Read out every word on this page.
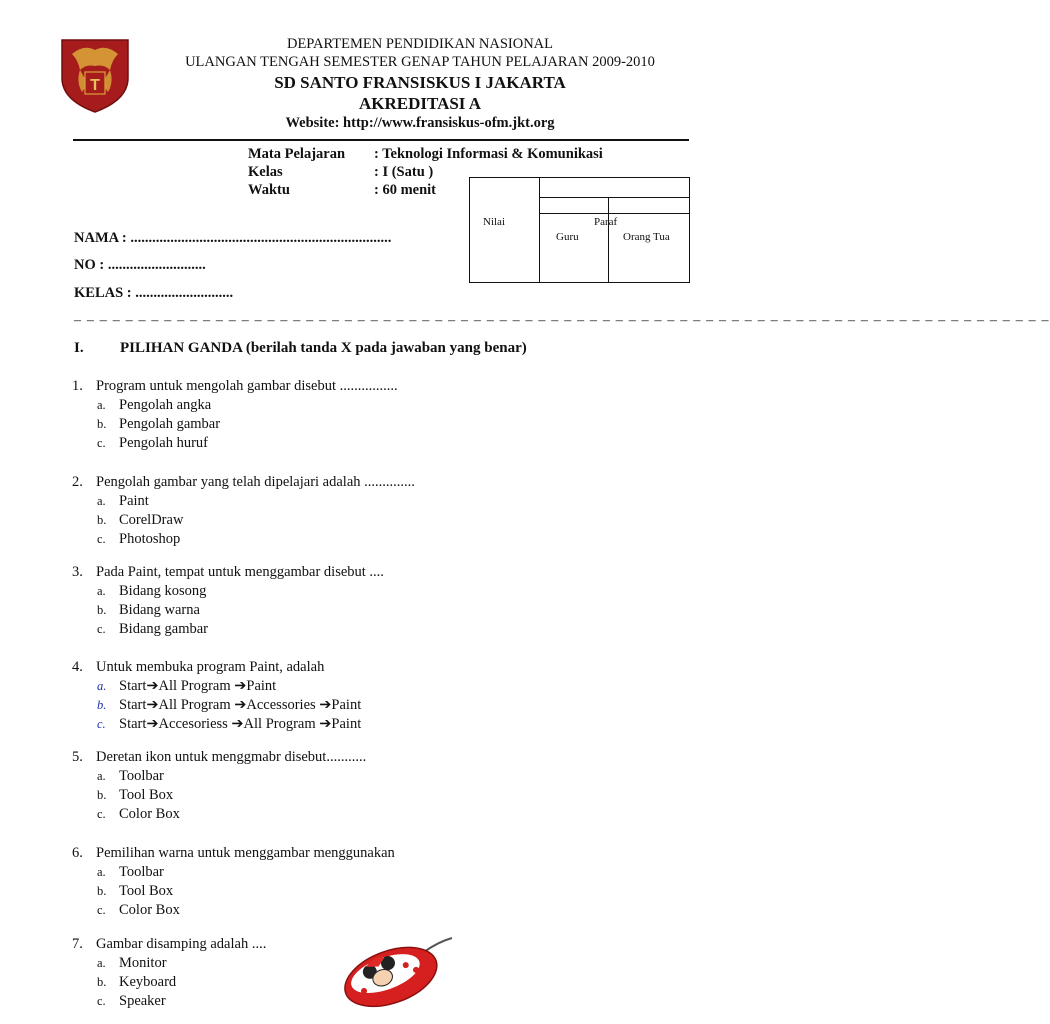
T
DEPARTEMEN PENDIDIKAN NASIONAL
ULANGAN TENGAH SEMESTER GENAP TAHUN PELAJARAN 2009-2010
SD SANTO FRANSISKUS I JAKARTA
AKREDITASI A
Website: http://www.fransiskus-ofm.jkt.org
Mata Pelajaran : Teknologi Informasi & Komunikasi
Kelas	: I (Satu )
Waktu	: 60 menit
Nilai	Paraf
Guru	Orang Tua
NAMA : ........................................................................
NO : ...........................
KELAS : ...........................
– – – – – – – – – – – – – – – – – – – – – – – – – – – – – – – – – – – – – – – – – – – – – – – – – – – – – – – – – – – – – – – – – – – – – – – – – – – –
I. PILIHAN GANDA (berilah tanda X pada jawaban yang benar)
1. Program untuk mengolah gambar disebut ................
a. Pengolah angka
b. Pengolah gambar
c. Pengolah huruf
2. Pengolah gambar yang telah dipelajari adalah ..............
a. Paint
b. CorelDraw
c. Photoshop
3. Pada Paint, tempat untuk menggambar disebut ....
a. Bidang kosong
b. Bidang warna
c. Bidang gambar
4. Untuk membuka program Paint, adalah
a. Start➔All Program ➔Paint
b. Start➔All Program ➔Accessories ➔Paint
c. Start➔Accesoriess ➔All Program ➔Paint
5. Deretan ikon untuk menggmabr disebut...........
a. Toolbar
b. Tool Box
c. Color Box
6. Pemilihan warna untuk menggambar menggunakan
a. Toolbar
b. Tool Box
c. Color Box
7. Gambar disamping adalah ....
a. Monitor
b. Keyboard
c. Speaker
